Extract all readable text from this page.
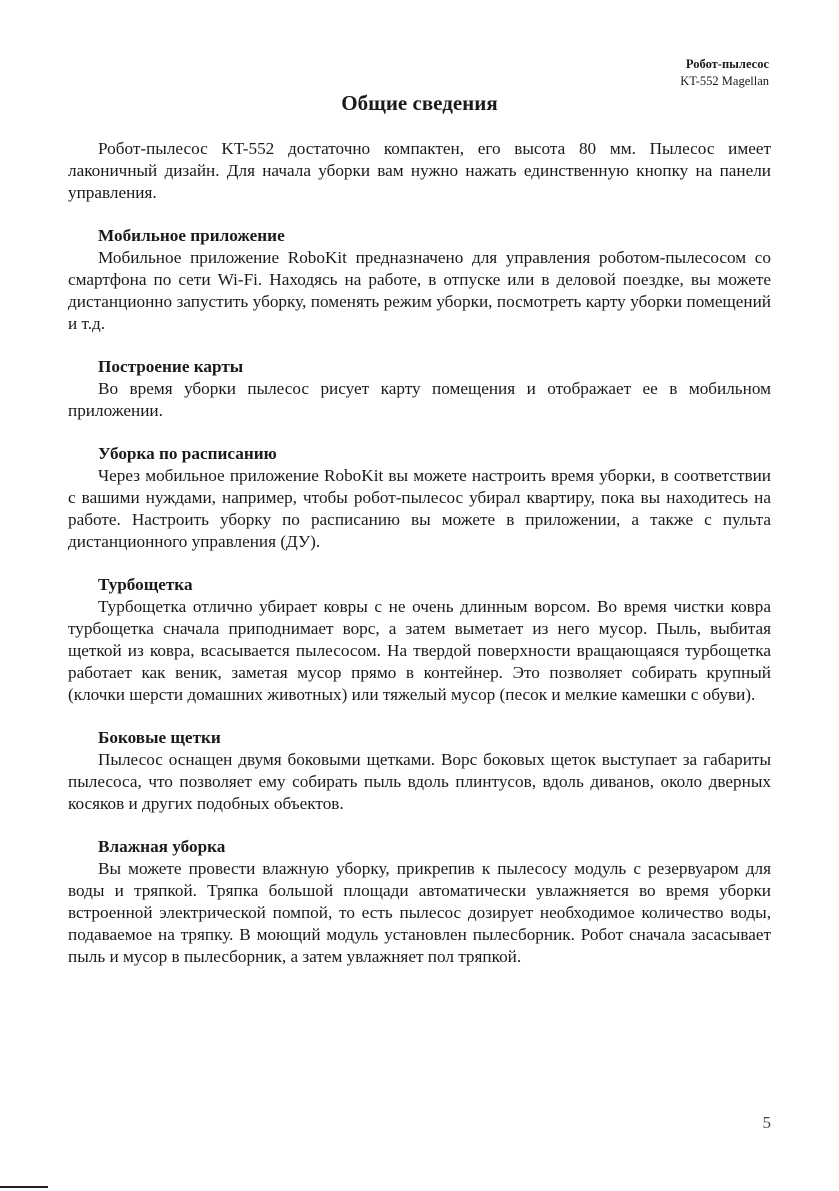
Робот-пылесос
KT-552 Magellan
Общие сведения

Робот-пылесос KT-552 достаточно компактен, его высота 80 мм. Пылесос имеет лаконичный дизайн. Для начала уборки вам нужно нажать единственную кнопку на панели управления.

Мобильное приложение

Мобильное приложение RoboKit предназначено для управления роботом-пылесосом со смартфона по сети Wi-Fi. Находясь на работе, в отпуске или в деловой поездке, вы можете дистанционно запустить уборку, поменять режим уборки, посмотреть карту уборки помещений и т.д.

Построение карты

Во время уборки пылесос рисует карту помещения и отображает ее в мобильном приложении.

Уборка по расписанию

Через мобильное приложение RoboKit вы можете настроить время уборки, в соответствии с вашими нуждами, например, чтобы робот-пылесос убирал квартиру, пока вы находитесь на работе. Настроить уборку по расписанию вы можете в приложении, а также с пульта дистанционного управления (ДУ).

Турбощетка

Турбощетка отлично убирает ковры с не очень длинным ворсом. Во время чистки ковра турбощетка сначала приподнимает ворс, а затем выметает из него мусор. Пыль, выбитая щеткой из ковра, всасывается пылесосом. На твердой поверхности вращающаяся турбощетка работает как веник, заметая мусор прямо в контейнер. Это позволяет собирать крупный (клочки шерсти домашних животных) или тяжелый мусор (песок и мелкие камешки с обуви).

Боковые щетки

Пылесос оснащен двумя боковыми щетками. Ворс боковых щеток выступает за габариты пылесоса, что позволяет ему собирать пыль вдоль плинтусов, вдоль диванов, около дверных косяков и других подобных объектов.

Влажная уборка

Вы можете провести влажную уборку, прикрепив к пылесосу модуль с резервуаром для воды и тряпкой. Тряпка большой площади автоматически увлажняется во время уборки встроенной электрической помпой, то есть пылесос дозирует необходимое количество воды, подаваемое на тряпку. В моющий модуль установлен пылесборник. Робот сначала засасывает пыль и мусор в пылесборник, а затем увлажняет пол тряпкой.

5
